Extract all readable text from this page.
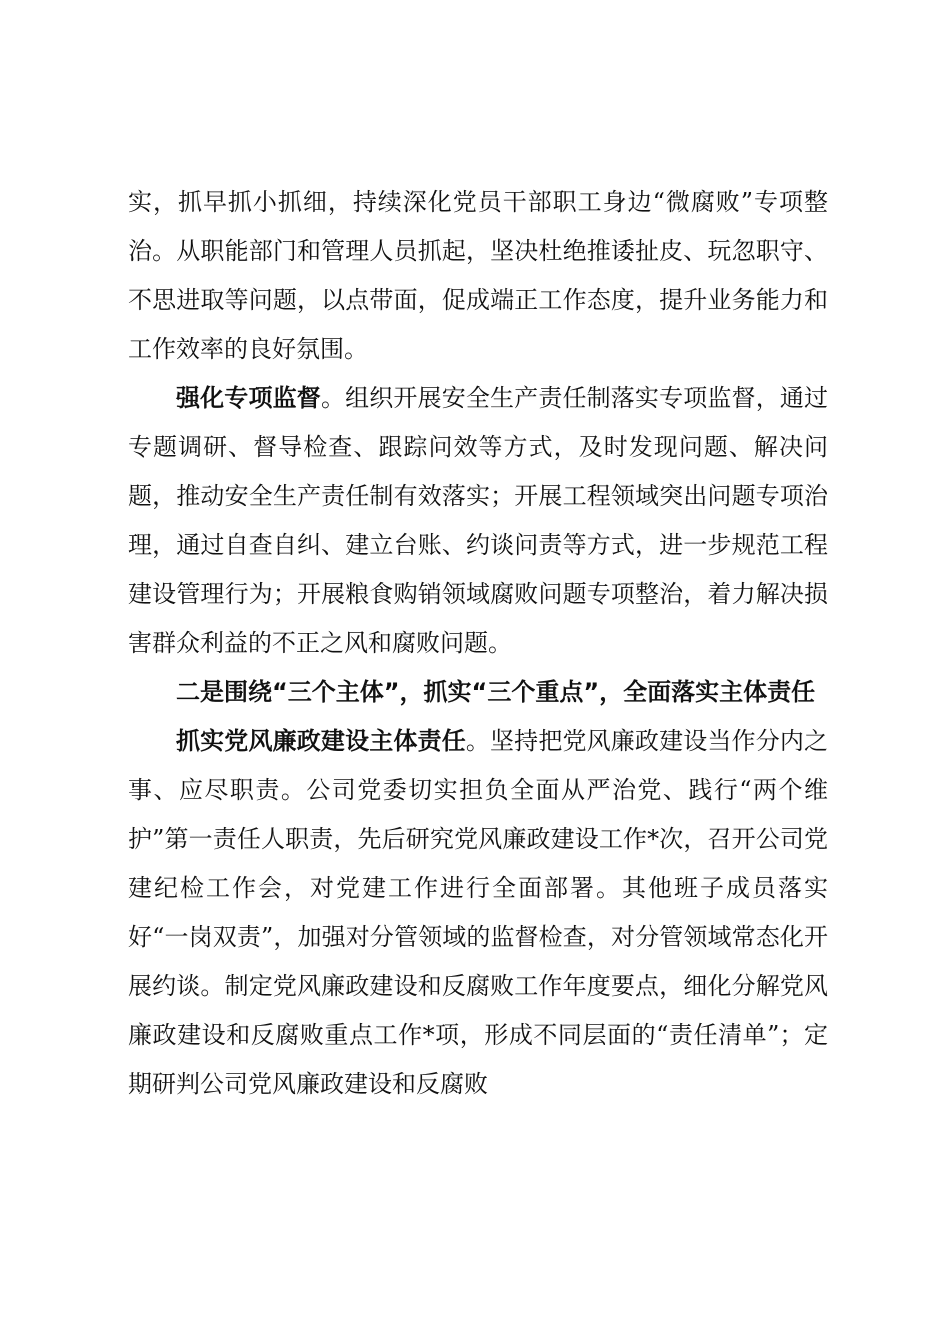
实，抓早抓小抓细，持续深化党员干部职工身边“微腐败”专项整治。从职能部门和管理人员抓起，坚决杜绝推诿扯皮、玩忽职守、不思进取等问题，以点带面，促成端正工作态度，提升业务能力和工作效率的良好氛围。

强化专项监督。组织开展安全生产责任制落实专项监督，通过专题调研、督导检查、跟踪问效等方式，及时发现问题、解决问题，推动安全生产责任制有效落实；开展工程领域突出问题专项治理，通过自查自纠、建立台账、约谈问责等方式，进一步规范工程建设管理行为；开展粮食购销领域腐败问题专项整治，着力解决损害群众利益的不正之风和腐败问题。

二是围绕“三个主体”，抓实“三个重点”，全面落实主体责任

抓实党风廉政建设主体责任。坚持把党风廉政建设当作分内之事、应尽职责。公司党委切实担负全面从严治党、践行“两个维护”第一责任人职责，先后研究党风廉政建设工作*次，召开公司党建纪检工作会，对党建工作进行全面部署。其他班子成员落实好“一岗双责”，加强对分管领域的监督检查，对分管领域常态化开展约谈。制定党风廉政建设和反腐败工作年度要点，细化分解党风廉政建设和反腐败重点工作*项，形成不同层面的“责任清单”；定期研判公司党风廉政建设和反腐败
